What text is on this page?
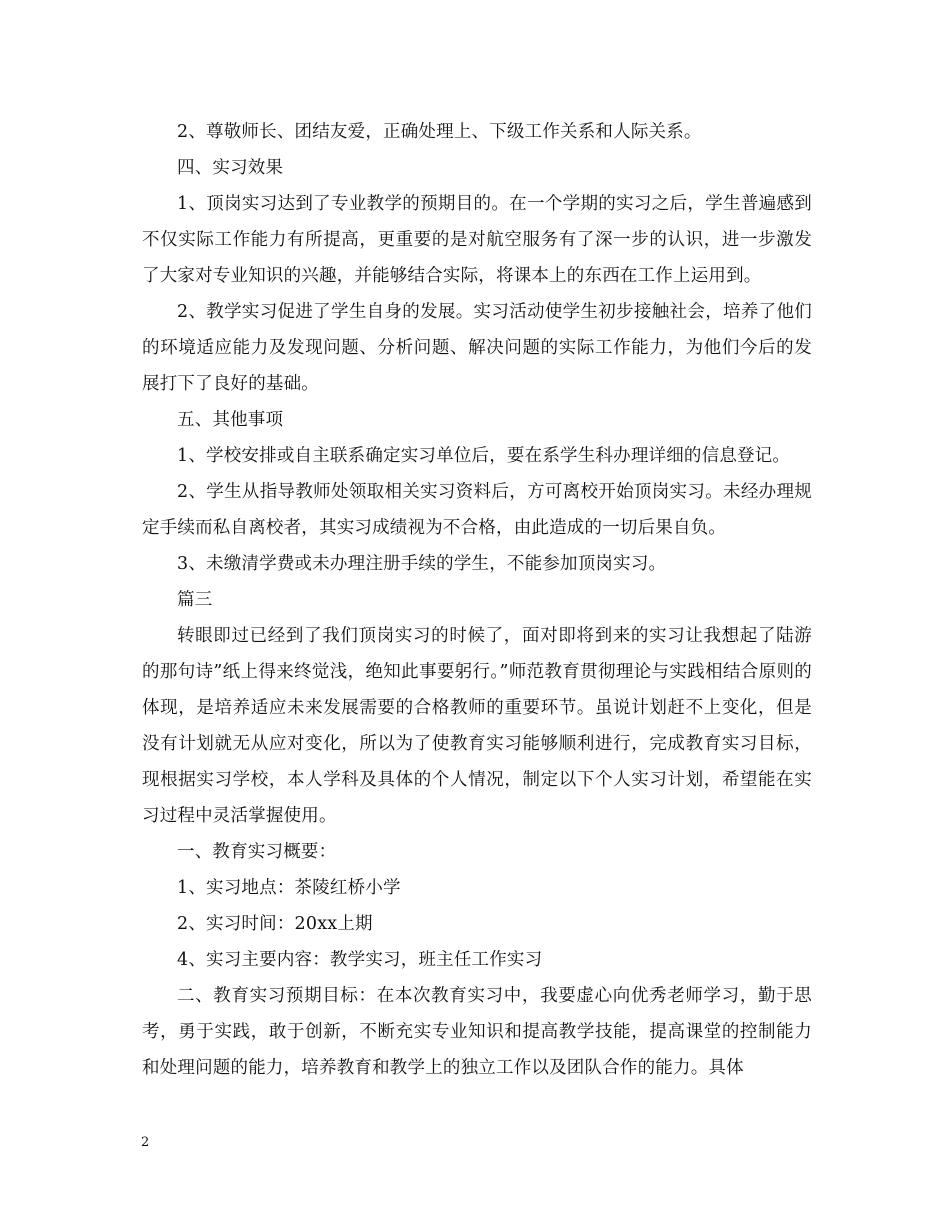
2、尊敬师长、团结友爱，正确处理上、下级工作关系和人际关系。

四、实习效果

1、顶岗实习达到了专业教学的预期目的。在一个学期的实习之后，学生普遍感到不仅实际工作能力有所提高，更重要的是对航空服务有了深一步的认识，进一步激发了大家对专业知识的兴趣，并能够结合实际，将课本上的东西在工作上运用到。

2、教学实习促进了学生自身的发展。实习活动使学生初步接触社会，培养了他们的环境适应能力及发现问题、分析问题、解决问题的实际工作能力，为他们今后的发展打下了良好的基础。

五、其他事项

1、学校安排或自主联系确定实习单位后，要在系学生科办理详细的信息登记。

2、学生从指导教师处领取相关实习资料后，方可离校开始顶岗实习。未经办理规定手续而私自离校者，其实习成绩视为不合格，由此造成的一切后果自负。

3、未缴清学费或未办理注册手续的学生，不能参加顶岗实习。

篇三

转眼即过已经到了我们顶岗实习的时候了，面对即将到来的实习让我想起了陆游的那句诗”纸上得来终觉浅，绝知此事要躬行。”师范教育贯彻理论与实践相结合原则的体现，是培养适应未来发展需要的合格教师的重要环节。虽说计划赶不上变化，但是没有计划就无从应对变化，所以为了使教育实习能够顺利进行，完成教育实习目标，现根据实习学校，本人学科及具体的个人情况，制定以下个人实习计划，希望能在实习过程中灵活掌握使用。

一、教育实习概要：

1、实习地点：茶陵红桥小学

2、实习时间：20xx上期

4、实习主要内容：教学实习，班主任工作实习

二、教育实习预期目标：在本次教育实习中，我要虚心向优秀老师学习，勤于思考，勇于实践，敢于创新，不断充实专业知识和提高教学技能，提高课堂的控制能力和处理问题的能力，培养教育和教学上的独立工作以及团队合作的能力。具体

2
